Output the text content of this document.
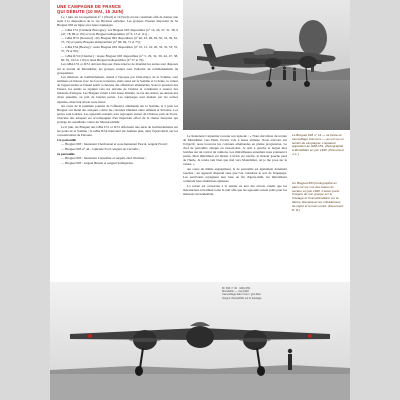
UNE CAMPAGNE DE FRANCE
QUI DÉBUTE (10 MAI, 15 JUIN)

Le 1 juin, les Groupements n° 1 (Nord) et 10 (Sud) ont été constitués afin de donner une suite à la disposition de la 1re Division aérienne. Les groupes d'assaut disposent de 52 Breguet 693 en ligne avec leurs équipages.

— GBA I/51 (Clément Bricogne) : les Breguet 693 disponibles (n° 14, 26, 27, 31, 38, 6 (47, 78, 86 et 101) et trois Breguet indisponibles (n° 9, 15 et 111) ;

— GBA II/51 (Roussel) : dix Breguet 693 disponibles (n° 40, 43, 48, 49, 50, 52, 59, 61, 73, 74) et quatre Breguet indisponibles (n° 66, 69, 71 et 75) ;

— GBA I/54 (Bessay) : seize Breguet 693 disponibles (n° 10, 12, 16, 20, 33, 35, 53, 55, 57, 79 et 90) ;

— GBA II/54 (Chartier) : douze Breguet 693 disponibles (n° 5, 29, 32, 39, 44, 47, 58, 60, 81, 102 et 110) et deux Breguet indisponibles (n° 57 et 70).

Les GBA I/51 et II/51 doivent disposer d'une réserve de matériel les autres sont disposés sur le terrain de Montdidier, les groupes restent sous l'autorité du commandement du groupement.

Les missions de bombardement, donné à l'époque par l'état-major de la Somme, sont réalisées en liaison avec les forces terrestres, mais aussi sur la Somme et la Seine, la valeur de l'appui aérien se faisant sentir à chacune des offensives allemandes. Sous la pression des Panzer, les unités se replient vers les terrains de l'arrière et continuent à assurer des missions d'attaque. Les Breguet volent à très basse altitude, au ras des arbres, au-dessus des chars ennemis, au prix de lourdes pertes. Les équipages sont épuisés par les sorties répétées, mais leur moral reste intact.

Au cours de la première journée de l'offensive allemande sur la Somme, le 5 juin, les Breguet ont mené des attaques contre les colonnes blindées entre Amiens et Péronne. Les pertes sont lourdes. Les appareils restants sont regroupés autour de Chartres puis de Tours. Chacune des attaques est accompagnée d'un important effort de la chasse française qui protège les assaillants contre les Messerschmitt.

Le 6 juin, les Breguet des GBA I/51 et II/51 effectuent une série de bombardements sur les ponts de la Somme ; le GBA II/54 intervient sur Aumale puis, dans l'après-midi, sur les concentrations de Péronne.

1re patrouille

— Breguet 693 : lieutenant Charbonnel et sous-lieutenant Pascal, sergent Picard ;

— Breguet 693 n° 44 : capitaine Ford, sergent de Carvalho ;

2e patrouille

— Breguet 693 : lieutenant Carpentier et sergent-chef Wormser ;

— Breguet 693 : sergent Brunet et sergent Salingardes.

Le lieutenant Carpentier raconte son épisode : « Nous décollons du terrain de Montdidier vers Ham, l'avion vole à basse altitude. Nous arrivons sur l'objectif, nous trouvons les colonnes allemandes en pleine progression. Le chef de patrouille attaque en rase-mottes. Je suis à gauche et largue mes bombes sur un convoi de camions. Les mitrailleuses ennemies nous prennent à partie. Mon mitrailleur est blessé. L'avion est touché, le moteur gauche perd de l'huile. Je rentre tant bien que mal vers Montdidier, où je me pose sur le ventre. »

Au cours du même engagement, la 2e patrouille est également durement touchée ; un appareil disparaît sans que l'on connaisse le sort de l'équipage. Les survivants rejoignent leur base en fin d'après-midi, les mitrailleurs comptant leurs munitions épuisées.

La soirée est consacrée à la remise en état des avions, tandis que les mécaniciens travaillent toute la nuit afin que les appareils soient prêts pour les missions du lendemain.

Le Breguet 693 n° 14 — sa livrée en camouflage trois tons — au sol sur un terrain de campagne. L'appareil appartient au GBA I/51, photographié à Montdidier en juin 1940. (Document J.-L.)
Un Breguet 693 photographié en plein vol sur une des bases du secteur en juin 1940. L'avion porte l'insigne de son groupe sur le fuselage et l'immatriculation sur la dérive. Remarquer les mitrailleuses de capot et le train rentré. (Document D. D.)
Br. 693 n° 40 · GBA II/51
Montdidier — mai 1940
Camouflage kaki / brun / gris-bleu
Insigne d'escadrille sur le fuselage
